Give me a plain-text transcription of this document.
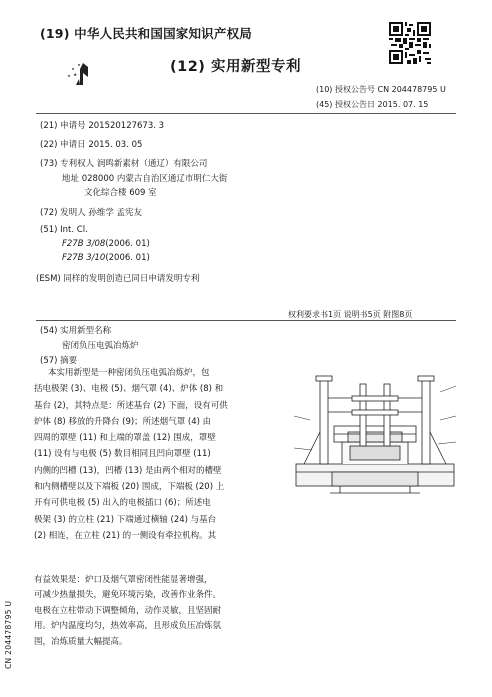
(19) 中华人民共和国国家知识产权局
(12) 实用新型专利
(10) 授权公告号 CN 204478795 U
(45) 授权公告日 2015. 07. 15
(21) 申请号 201520127673. 3
(22) 申请日 2015. 03. 05
(73) 专利权人 润鸣新素材（通辽）有限公司
地址 028000 内蒙古自治区通辽市明仁大街
文化综合楼 609 室
(72) 发明人 孙维学 孟宪友
(51) Int. Cl.
F27B 3/08(2006. 01)
F27B 3/10(2006. 01)
(ESM) 同样的发明创造已同日申请发明专利
权利要求书1页 说明书5页 附图8页
(54) 实用新型名称
密闭负压电弧冶炼炉
(57) 摘要
本实用新型是一种密闭负压电弧冶炼炉，包
括电极架 (3)、电极 (5)、烟气罩 (4)、炉体 (8) 和
基台 (2)，其特点是：所述基台 (2) 下面，设有可供
炉体 (8) 移放的升降台 (9)；所述烟气罩 (4) 由
四周的罩壁 (11) 和上端的罩盖 (12) 围成，罩壁
(11) 设有与电极 (5) 数目相同且凹向罩壁 (11)
内侧的凹槽 (13)，凹槽 (13) 是由两个相对的槽壁
和内侧槽壁以及下端板 (20) 围成，下端板 (20) 上
开有可供电极 (5) 出入的电极插口 (6)；所述电
极架 (3) 的立柱 (21) 下端通过横轴 (24) 与基台
(2) 相连，在立柱 (21) 的一侧设有牵拉机构。其
有益效果是：炉口及烟气罩密闭性能显著增强，
可减少热量损失，避免环境污染，改善作业条件。
电极在立柱带动下调整倾角，动作灵敏，且坚固耐
用。炉内温度均匀，热效率高，且形成负压冶炼氛
围，冶炼质量大幅提高。
CN 204478795 U
